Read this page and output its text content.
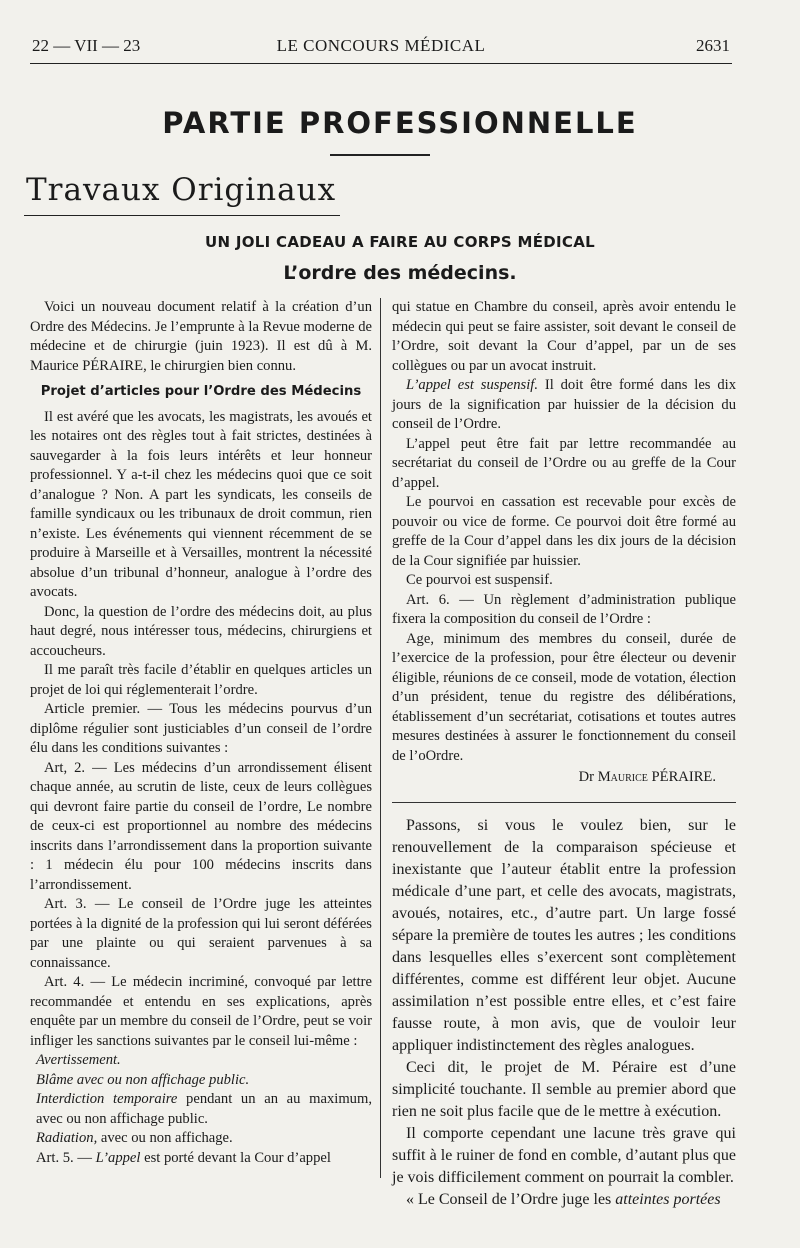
22 — VII — 23	LE CONCOURS MÉDICAL	2631
PARTIE PROFESSIONNELLE
Travaux Originaux
UN JOLI CADEAU A FAIRE AU CORPS MÉDICAL
L’ordre des médecins.

Voici un nouveau document relatif à la création d’un Ordre des Médecins. Je l’emprunte à la Revue moderne de médecine et de chirurgie (juin 1923). Il est dû à M. Maurice PÉRAIRE, le chirurgien bien connu.

Projet d’articles pour l’Ordre des Médecins

Il est avéré que les avocats, les magistrats, les avoués et les notaires ont des règles tout à fait strictes, destinées à sauvegarder à la fois leurs intérêts et leur honneur professionnel. Y a-t-il chez les médecins quoi que ce soit d’analogue ? Non. A part les syndicats, les conseils de famille syndicaux ou les tribunaux de droit commun, rien n’existe. Les événements qui viennent récemment de se produire à Marseille et à Versailles, montrent la nécessité absolue d’un tribunal d’honneur, analogue à l’ordre des avocats.

Donc, la question de l’ordre des médecins doit, au plus haut degré, nous intéresser tous, médecins, chirurgiens et accoucheurs.

Il me paraît très facile d’établir en quelques articles un projet de loi qui réglementerait l’ordre.

Article premier. — Tous les médecins pourvus d’un diplôme régulier sont justiciables d’un conseil de l’ordre élu dans les conditions suivantes :

Art, 2. — Les médecins d’un arrondissement élisent chaque année, au scrutin de liste, ceux de leurs collègues qui devront faire partie du conseil de l’ordre, Le nombre de ceux-ci est proportionnel au nombre des médecins inscrits dans l’arrondissement dans la proportion suivante : 1 médecin élu pour 100 médecins inscrits dans l’arrondissement.

Art. 3. — Le conseil de l’Ordre juge les atteintes portées à la dignité de la profession qui lui seront déférées par une plainte ou qui seraient parvenues à sa connaissance.

Art. 4. — Le médecin incriminé, convoqué par lettre recommandée et entendu en ses explications, après enquête par un membre du conseil de l’Ordre, peut se voir infliger les sanctions suivantes par le conseil lui-même :

Avertissement.

Blâme avec ou non affichage public.

Interdiction temporaire pendant un an au maximum, avec ou non affichage public.

Radiation, avec ou non affichage.

Art. 5. — L’appel est porté devant la Cour d’appel

qui statue en Chambre du conseil, après avoir entendu le médecin qui peut se faire assister, soit devant le conseil de l’Ordre, soit devant la Cour d’appel, par un de ses collègues ou par un avocat instruit.

L’appel est suspensif. Il doit être formé dans les dix jours de la signification par huissier de la décision du conseil de l’Ordre.

L’appel peut être fait par lettre recommandée au secrétariat du conseil de l’Ordre ou au greffe de la Cour d’appel.

Le pourvoi en cassation est recevable pour excès de pouvoir ou vice de forme. Ce pourvoi doit être formé au greffe de la Cour d’appel dans les dix jours de la décision de la Cour signifiée par huissier.

Ce pourvoi est suspensif.

Art. 6. — Un règlement d’administration publique fixera la composition du conseil de l’Ordre :

Age, minimum des membres du conseil, durée de l’exercice de la profession, pour être électeur ou devenir éligible, réunions de ce conseil, mode de votation, élection d’un président, tenue du registre des délibérations, établissement d’un secrétariat, cotisations et toutes autres mesures destinées à assurer le fonctionnement du conseil de l’oOrdre.

Dr Maurice PÉRAIRE.

Passons, si vous le voulez bien, sur le renouvellement de la comparaison spécieuse et inexistante que l’auteur établit entre la profession médicale d’une part, et celle des avocats, magistrats, avoués, notaires, etc., d’autre part. Un large fossé sépare la première de toutes les autres ; les conditions dans lesquelles elles s’exercent sont complètement différentes, comme est différent leur objet. Aucune assimilation n’est possible entre elles, et c’est faire fausse route, à mon avis, que de vouloir leur appliquer indistinctement des règles analogues.

Ceci dit, le projet de M. Péraire est d’une simplicité touchante. Il semble au premier abord que rien ne soit plus facile que de le mettre à exécution.

Il comporte cependant une lacune très grave qui suffit à le ruiner de fond en comble, d’autant plus que je vois difficilement comment on pourrait la combler.

« Le Conseil de l’Ordre juge les atteintes portées
